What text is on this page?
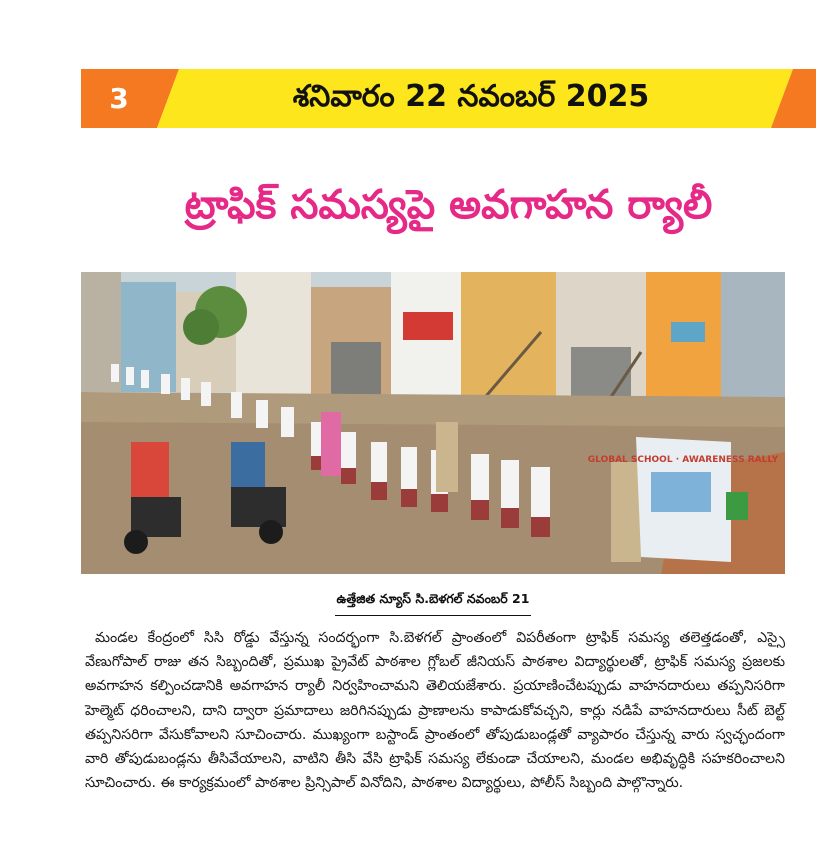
3	శనివారం 22 నవంబర్ 2025
ట్రాఫిక్ సమస్యపై అవగాహన ర్యాలీ
GLOBAL SCHOOL · AWARENESS RALLY
ఉత్తేజిత న్యూస్ సి.బెళగల్ నవంబర్ 21
మండల కేంద్రంలో సిసి రోడ్డు వేస్తున్న సందర్భంగా సి.బెళగల్ ప్రాంతంలో విపరీతంగా ట్రాఫిక్ సమస్య తలెత్తడంతో, ఎస్సై వేణుగోపాల్ రాజు తన సిబ్బందితో, ప్రముఖ ప్రైవేట్ పాఠశాల గ్లోబల్ జీనియస్ పాఠశాల విద్యార్థులతో, ట్రాఫిక్ సమస్య ప్రజలకు అవగాహన కల్పించడానికి అవగాహన ర్యాలీ నిర్వహించామని తెలియజేశారు. ప్రయాణించేటప్పుడు వాహనదారులు తప్పనిసరిగా హెల్మెట్ ధరించాలని, దాని ద్వారా ప్రమాదాలు జరిగినప్పుడు ప్రాణాలను కాపాడుకోవచ్చని, కార్లు నడిపే వాహనదారులు సీట్ బెల్ట్ తప్పనిసరిగా వేసుకోవాలని సూచించారు. ముఖ్యంగా బస్టాండ్ ప్రాంతంలో తోపుడుబండ్లతో వ్యాపారం చేస్తున్న వారు స్వచ్ఛందంగా వారి తోపుడుబండ్లను తీసివేయాలని, వాటిని తీసి వేసి ట్రాఫిక్ సమస్య లేకుండా చేయాలని, మండల అభివృద్ధికి సహకరించాలని సూచించారు. ఈ కార్యక్రమంలో పాఠశాల ప్రిన్సిపాల్ వినోదిని, పాఠశాల విద్యార్థులు, పోలీస్ సిబ్బంది పాల్గొన్నారు.
